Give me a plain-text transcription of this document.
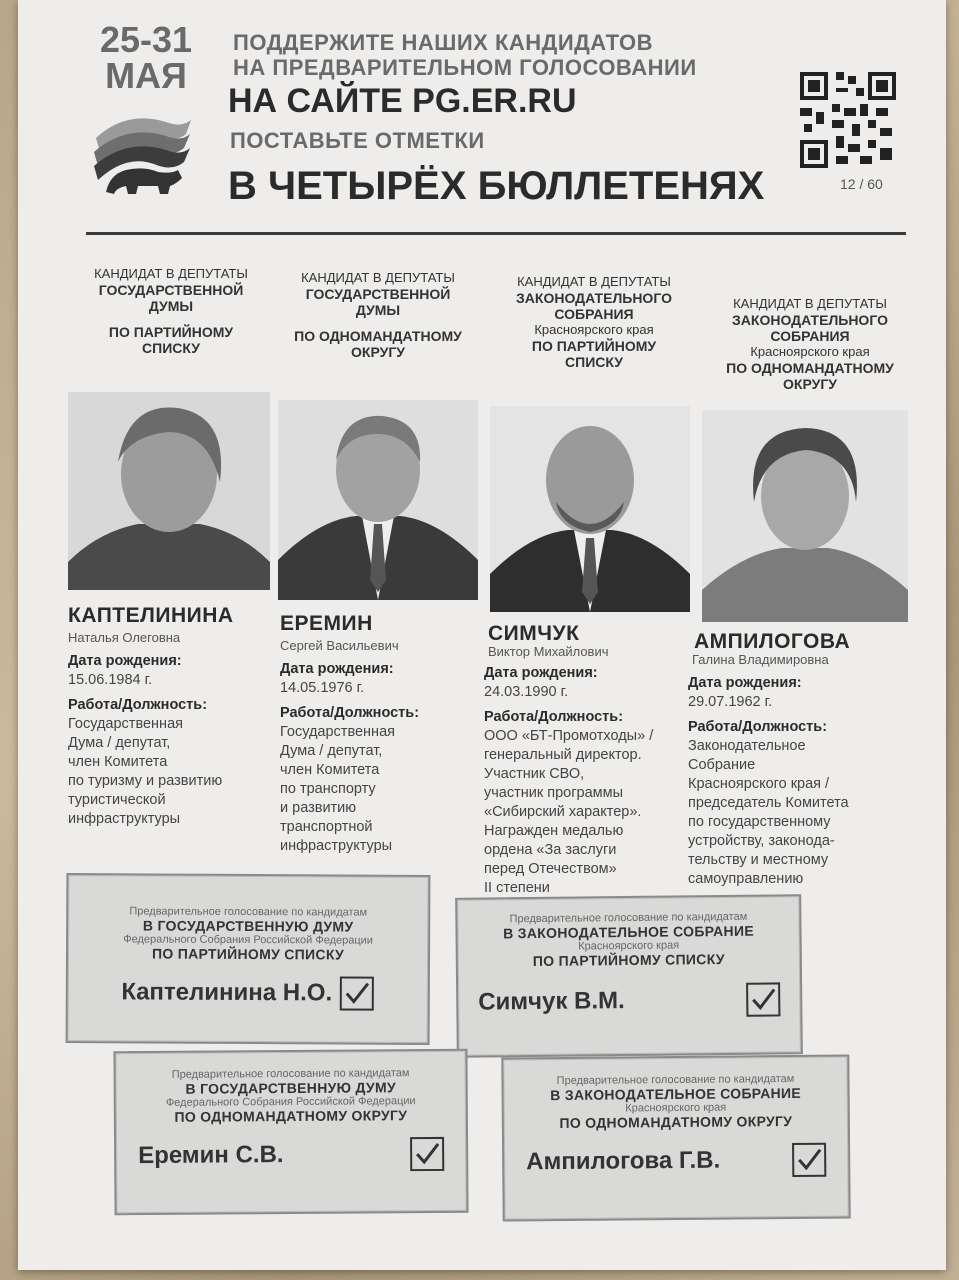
25-31
МАЯ
ПОДДЕРЖИТЕ НАШИХ КАНДИДАТОВ
НА ПРЕДВАРИТЕЛЬНОМ ГОЛОСОВАНИИ
НА САЙТЕ PG.ER.RU
ПОСТАВЬТЕ ОТМЕТКИ
В ЧЕТЫРЁХ БЮЛЛЕТЕНЯХ	12 / 60
КАНДИДАТ В ДЕПУТАТЫ
ГОСУДАРСТВЕННОЙ
ДУМЫ
ПО ПАРТИЙНОМУ
СПИСКУ
КАПТЕЛИНИНА
Наталья Олеговна
Дата рождения:
15.06.1984 г.

Работа/Должность:
Государственная
Дума / депутат,
член Комитета
по туризму и развитию
туристической
инфраструктуры
КАНДИДАТ В ДЕПУТАТЫ
ГОСУДАРСТВЕННОЙ
ДУМЫ
ПО ОДНОМАНДАТНОМУ
ОКРУГУ
ЕРЕМИН
Сергей Васильевич
Дата рождения:
14.05.1976 г.

Работа/Должность:
Государственная
Дума / депутат,
член Комитета
по транспорту
и развитию
транспортной
инфраструктуры
КАНДИДАТ В ДЕПУТАТЫ
ЗАКОНОДАТЕЛЬНОГО
СОБРАНИЯ
Красноярского края
ПО ПАРТИЙНОМУ
СПИСКУ
СИМЧУК
Виктор Михайлович
Дата рождения:
24.03.1990 г.

Работа/Должность:
ООО «БТ-Промотходы» /
генеральный директор.
Участник СВО,
участник программы
«Сибирский характер».
Награжден медалью
ордена «За заслуги
перед Отечеством»
II степени
КАНДИДАТ В ДЕПУТАТЫ
ЗАКОНОДАТЕЛЬНОГО
СОБРАНИЯ
Красноярского края
ПО ОДНОМАНДАТНОМУ
ОКРУГУ
АМПИЛОГОВА
Галина Владимировна
Дата рождения:
29.07.1962 г.

Работа/Должность:
Законодательное
Собрание
Красноярского края /
председатель Комитета
по государственному
устройству, законода-
тельству и местному
самоуправлению
Предварительное голосование по кандидатам
В ГОСУДАРСТВЕННУЮ ДУМУ
Федерального Собрания Российской Федерации
ПО ПАРТИЙНОМУ СПИСКУ
Кaптелинина Н.О.
Предварительное голосование по кандидатам
В ЗАКОНОДАТЕЛЬНОЕ СОБРАНИЕ
Красноярского края
ПО ПАРТИЙНОМУ СПИСКУ
Симчук В.М.
Предварительное голосование по кандидатам
В ГОСУДАРСТВЕННУЮ ДУМУ
Федерального Собрания Российской Федерации
ПО ОДНОМАНДАТНОМУ ОКРУГУ
Еремин С.В.
Предварительное голосование по кандидатам
В ЗАКОНОДАТЕЛЬНОЕ СОБРАНИЕ
Красноярского края
ПО ОДНОМАНДАТНОМУ ОКРУГУ
Ампилогова Г.В.
